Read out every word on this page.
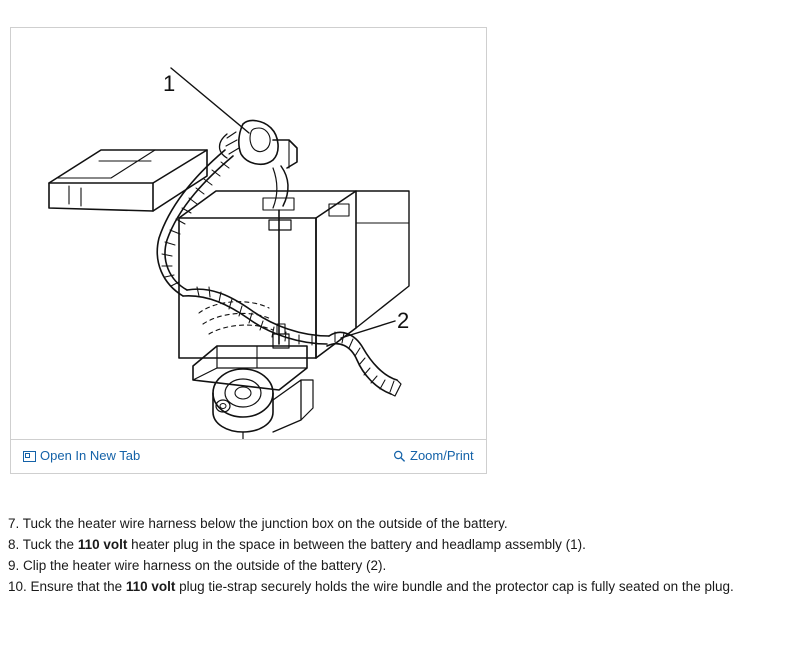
1
2
Open In New Tab	Zoom/Print
7. Tuck the heater wire harness below the junction box on the outside of the battery.
8. Tuck the 110 volt heater plug in the space in between the battery and headlamp assembly (1).
9. Clip the heater wire harness on the outside of the battery (2).
10. Ensure that the 110 volt plug tie-strap securely holds the wire bundle and the protector cap is fully seated on the plug.
